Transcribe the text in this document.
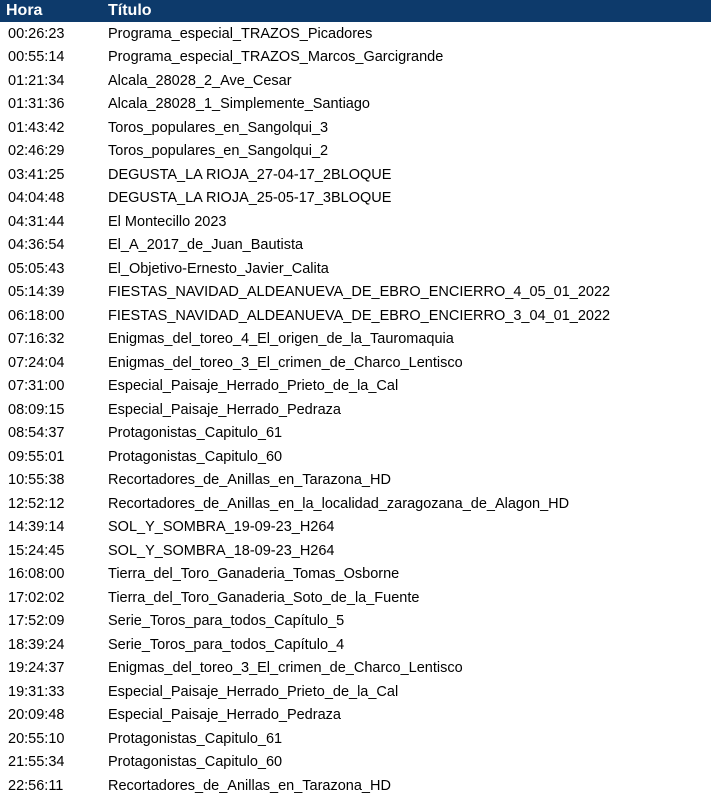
Hora	Título
00:26:23	Programa_especial_TRAZOS_Picadores
00:55:14	Programa_especial_TRAZOS_Marcos_Garcigrande
01:21:34	Alcala_28028_2_Ave_Cesar
01:31:36	Alcala_28028_1_Simplemente_Santiago
01:43:42	Toros_populares_en_Sangolqui_3
02:46:29	Toros_populares_en_Sangolqui_2
03:41:25	DEGUSTA_LA RIOJA_27-04-17_2BLOQUE
04:04:48	DEGUSTA_LA RIOJA_25-05-17_3BLOQUE
04:31:44	El Montecillo 2023
04:36:54	El_A_2017_de_Juan_Bautista
05:05:43	El_Objetivo-Ernesto_Javier_Calita
05:14:39	FIESTAS_NAVIDAD_ALDEANUEVA_DE_EBRO_ENCIERRO_4_05_01_2022
06:18:00	FIESTAS_NAVIDAD_ALDEANUEVA_DE_EBRO_ENCIERRO_3_04_01_2022
07:16:32	Enigmas_del_toreo_4_El_origen_de_la_Tauromaquia
07:24:04	Enigmas_del_toreo_3_El_crimen_de_Charco_Lentisco
07:31:00	Especial_Paisaje_Herrado_Prieto_de_la_Cal
08:09:15	Especial_Paisaje_Herrado_Pedraza
08:54:37	Protagonistas_Capitulo_61
09:55:01	Protagonistas_Capitulo_60
10:55:38	Recortadores_de_Anillas_en_Tarazona_HD
12:52:12	Recortadores_de_Anillas_en_la_localidad_zaragozana_de_Alagon_HD
14:39:14	SOL_Y_SOMBRA_19-09-23_H264
15:24:45	SOL_Y_SOMBRA_18-09-23_H264
16:08:00	Tierra_del_Toro_Ganaderia_Tomas_Osborne
17:02:02	Tierra_del_Toro_Ganaderia_Soto_de_la_Fuente
17:52:09	Serie_Toros_para_todos_Capítulo_5
18:39:24	Serie_Toros_para_todos_Capítulo_4
19:24:37	Enigmas_del_toreo_3_El_crimen_de_Charco_Lentisco
19:31:33	Especial_Paisaje_Herrado_Prieto_de_la_Cal
20:09:48	Especial_Paisaje_Herrado_Pedraza
20:55:10	Protagonistas_Capitulo_61
21:55:34	Protagonistas_Capitulo_60
22:56:11	Recortadores_de_Anillas_en_Tarazona_HD
